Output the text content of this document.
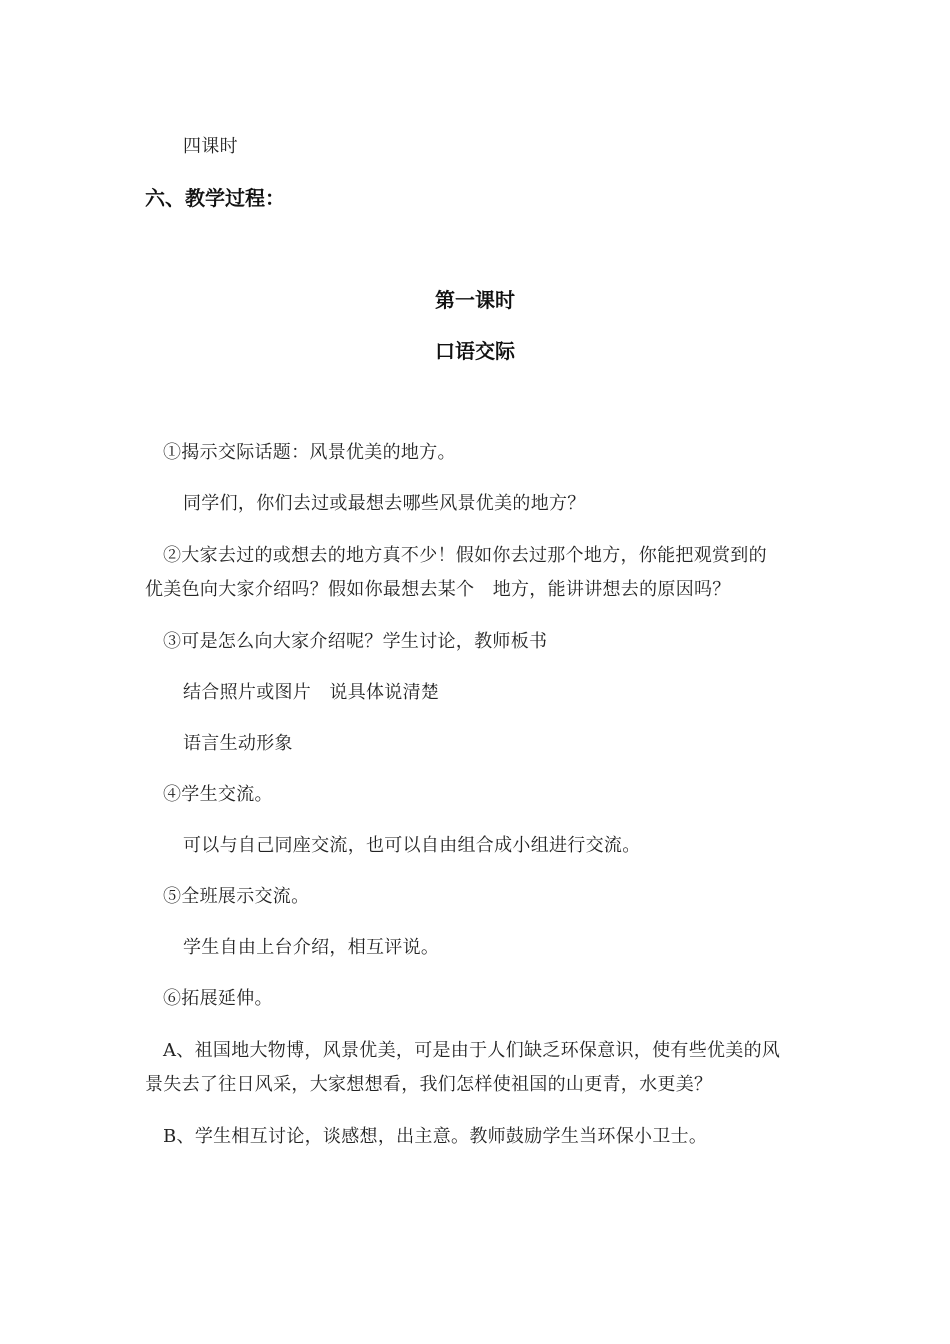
四课时
六、教学过程：
第一课时
口语交际
①揭示交际话题：风景优美的地方。
同学们，你们去过或最想去哪些风景优美的地方？
②大家去过的或想去的地方真不少！假如你去过那个地方，你能把观赏到的
优美色向大家介绍吗？假如你最想去某个　地方，能讲讲想去的原因吗？
③可是怎么向大家介绍呢？学生讨论，教师板书
结合照片或图片　说具体说清楚
语言生动形象
④学生交流。
可以与自己同座交流，也可以自由组合成小组进行交流。
⑤全班展示交流。
学生自由上台介绍，相互评说。
⑥拓展延伸。
A、祖国地大物博，风景优美，可是由于人们缺乏环保意识，使有些优美的风
景失去了往日风采，大家想想看，我们怎样使祖国的山更青，水更美？
B、学生相互讨论，谈感想，出主意。教师鼓励学生当环保小卫士。
